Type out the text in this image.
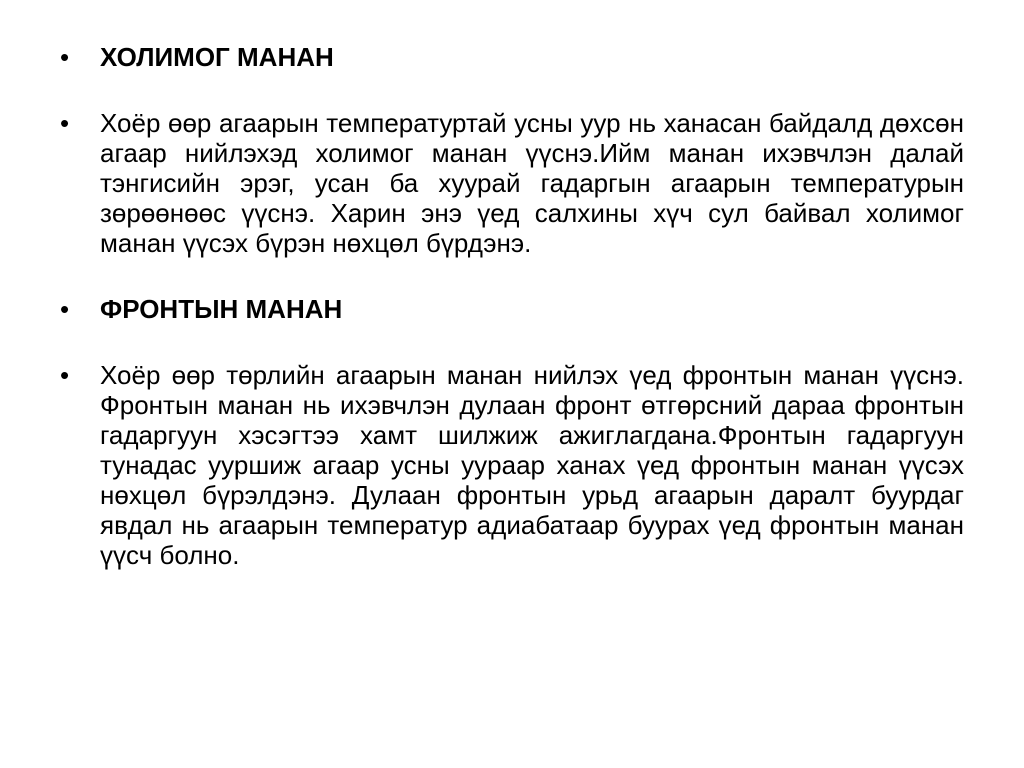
•	ХОЛИМОГ МАНАН
•	Хоёр өөр агаарын температуртай усны уур нь ханасан байдалд дөхсөн агаар нийлэхэд холимог манан үүснэ.Ийм манан ихэвчлэн далай тэнгисийн эрэг, усан ба хуурай гадаргын агаарын температурын зөрөөнөөс үүснэ. Харин энэ үед салхины хүч сул байвал холимог манан үүсэх бүрэн нөхцөл бүрдэнэ.
•	ФРОНТЫН МАНАН
•	Хоёр өөр төрлийн агаарын манан нийлэх үед фронтын манан үүснэ. Фронтын манан нь ихэвчлэн дулаан фронт өтгөрсний дараа фронтын гадаргуун хэсэгтээ хамт шилжиж ажиглагдана.Фронтын гадаргуун тунадас ууршиж агаар усны ууpаар ханах үед фронтын манан үүсэх нөхцөл бүрэлдэнэ. Дулаан фронтын урьд агаарын даралт буурдаг явдал нь агаарын температур адиабатаар буурах үед фронтын манан үүсч болно.
